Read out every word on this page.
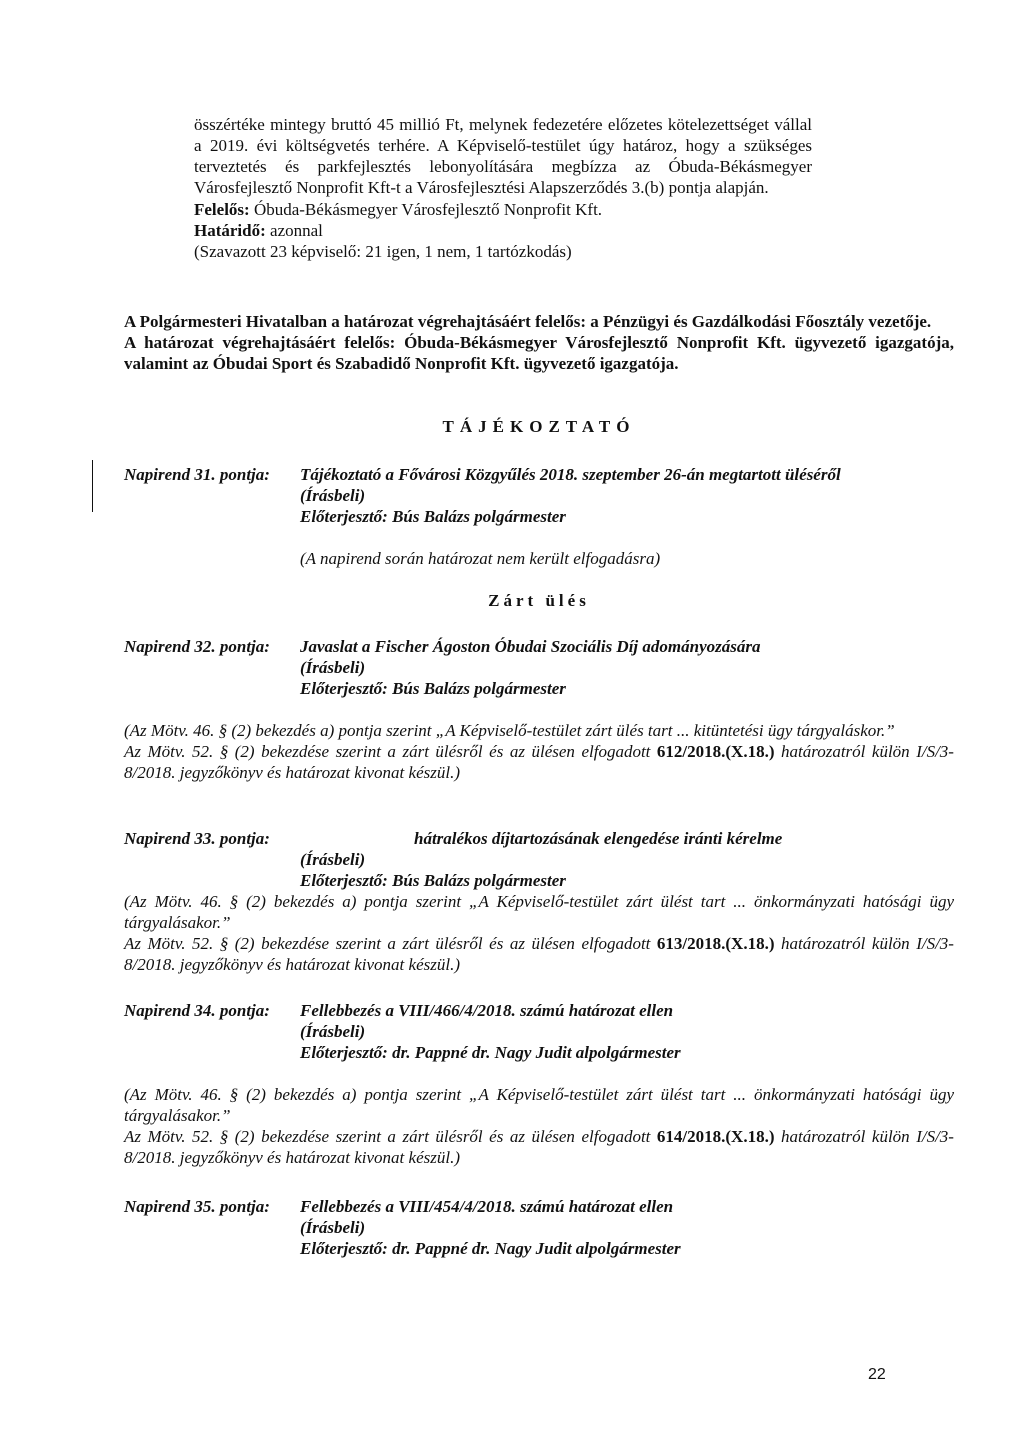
összértéke mintegy bruttó 45 millió Ft, melynek fedezetére előzetes kötelezettséget vállal a 2019. évi költségvetés terhére. A Képviselő-testület úgy határoz, hogy a szükséges terveztetés és parkfejlesztés lebonyolítására megbízza az Óbuda-Békásmegyer Városfejlesztő Nonprofit Kft-t a Városfejlesztési Alapszerződés 3.(b) pontja alapján.

Felelős: Óbuda-Békásmegyer Városfejlesztő Nonprofit Kft.

Határidő: azonnal

(Szavazott 23 képviselő: 21 igen, 1 nem, 1 tartózkodás)

A Polgármesteri Hivatalban a határozat végrehajtásáért felelős: a Pénzügyi és Gazdálkodási Főosztály vezetője.

A határozat végrehajtásáért felelős: Óbuda-Békásmegyer Városfejlesztő Nonprofit Kft. ügyvezető igazgatója, valamint az Óbudai Sport és Szabadidő Nonprofit Kft. ügyvezető igazgatója.

TÁJÉKOZTATÓ

Napirend 31. pontja:	Tájékoztató a Fővárosi Közgyűlés 2018. szeptember 26-án megtartott üléséről
(Írásbeli)
Előterjesztő: Bús Balázs polgármester
(A napirend során határozat nem került elfogadásra)

Zárt ülés

Napirend 32. pontja:	Javaslat a Fischer Ágoston Óbudai Szociális Díj adományozására
(Írásbeli)
Előterjesztő: Bús Balázs polgármester

(Az Mötv. 46. § (2) bekezdés a) pontja szerint „A Képviselő-testület zárt ülés tart ... kitüntetési ügy tárgyaláskor.”

Az Mötv. 52. § (2) bekezdése szerint a zárt ülésről és az ülésen elfogadott 612/2018.(X.18.) határozatról külön I/S/3-8/2018. jegyzőkönyv és határozat kivonat készül.)

Napirend 33. pontja:	hátralékos díjtartozásának elengedése iránti kérelme
(Írásbeli)
Előterjesztő: Bús Balázs polgármester

(Az Mötv. 46. § (2) bekezdés a) pontja szerint „A Képviselő-testület zárt ülést tart ... önkormányzati hatósági ügy tárgyalásakor.”

Az Mötv. 52. § (2) bekezdése szerint a zárt ülésről és az ülésen elfogadott 613/2018.(X.18.) határozatról külön I/S/3-8/2018. jegyzőkönyv és határozat kivonat készül.)

Napirend 34. pontja:	Fellebbezés a VIII/466/4/2018. számú határozat ellen
(Írásbeli)
Előterjesztő: dr. Pappné dr. Nagy Judit alpolgármester

(Az Mötv. 46. § (2) bekezdés a) pontja szerint „A Képviselő-testület zárt ülést tart ... önkormányzati hatósági ügy tárgyalásakor.”

Az Mötv. 52. § (2) bekezdése szerint a zárt ülésről és az ülésen elfogadott 614/2018.(X.18.) határozatról külön I/S/3-8/2018. jegyzőkönyv és határozat kivonat készül.)

Napirend 35. pontja:	Fellebbezés a VIII/454/4/2018. számú határozat ellen
(Írásbeli)
Előterjesztő: dr. Pappné dr. Nagy Judit alpolgármester
22
